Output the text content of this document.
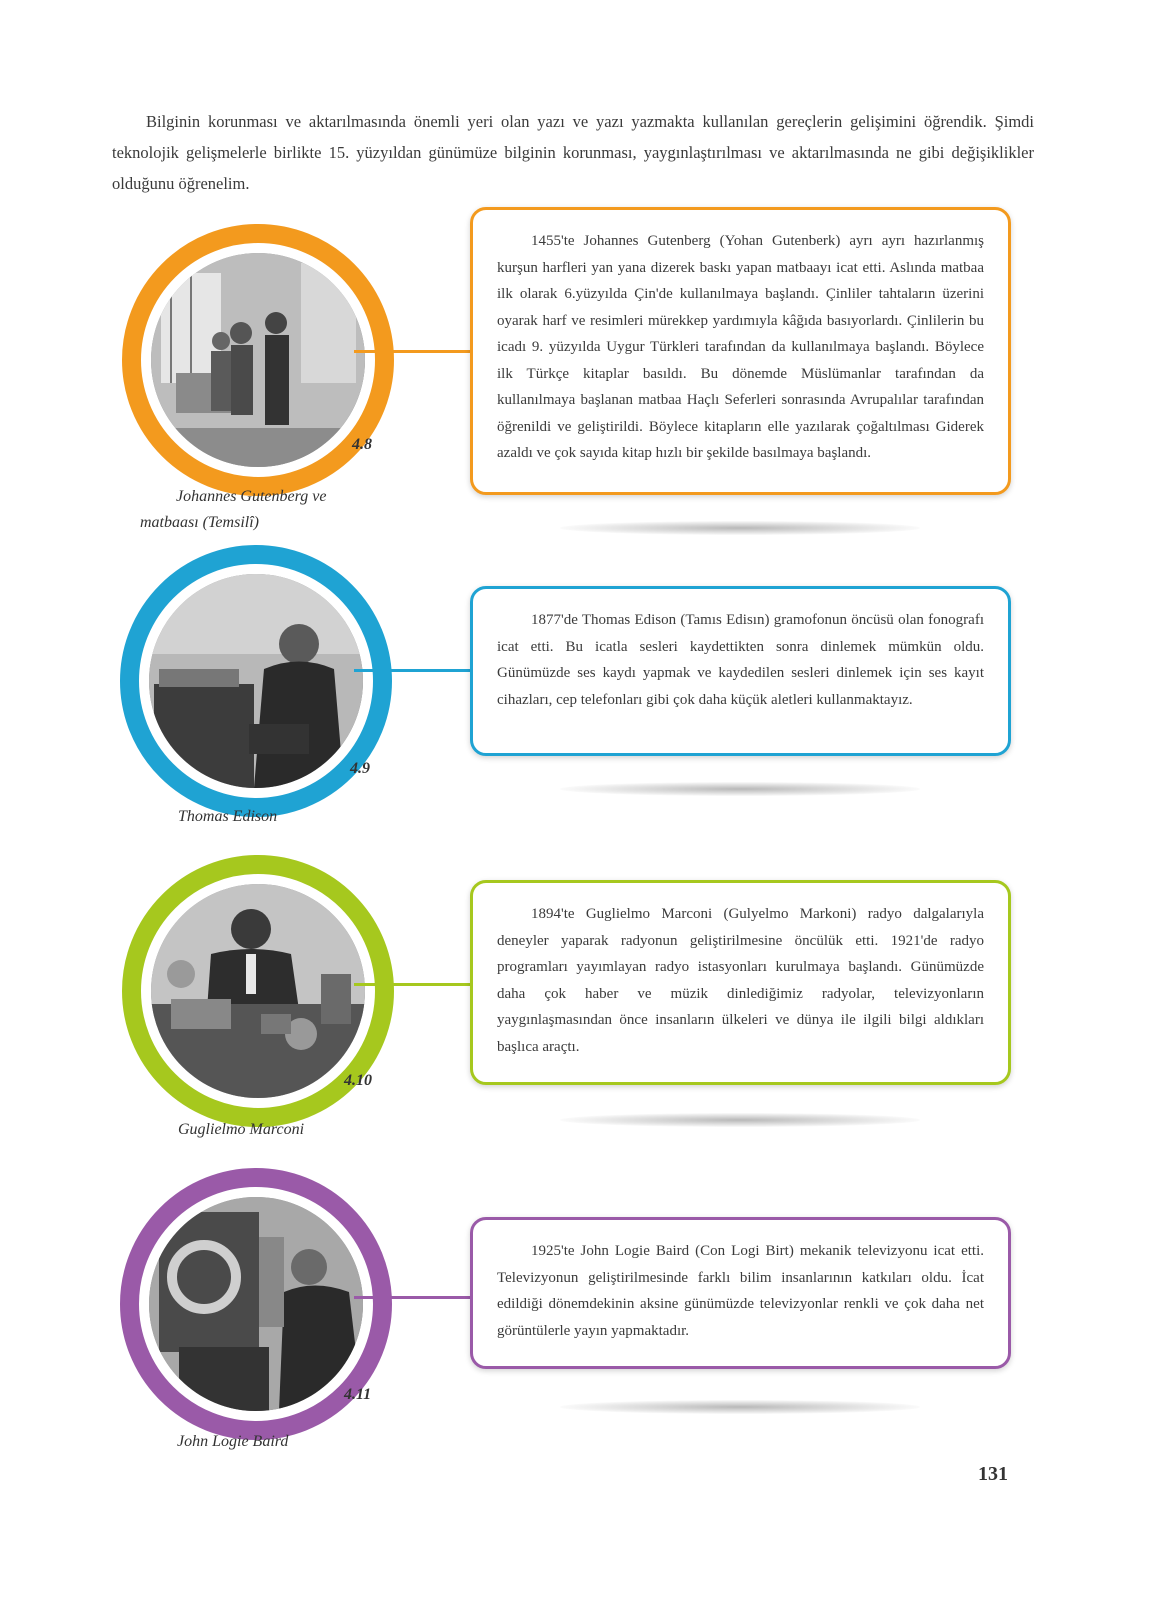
Bilginin korunması ve aktarılmasında önemli yeri olan yazı ve yazı yazmakta kullanılan gereçlerin gelişimini öğrendik. Şimdi teknolojik gelişmelerle birlikte 15. yüzyıldan günümüze bilginin korunması, yaygınlaştırılması ve aktarılmasında ne gibi değişiklikler olduğunu öğrenelim.
4.8
Johannes Gutenberg ve matbaası (Temsilî)
1455'te Johannes Gutenberg (Yohan Gutenberk) ayrı ayrı hazırlanmış kurşun harfleri yan yana dizerek baskı yapan matbaayı icat etti. Aslında matbaa ilk olarak 6.yüzyılda Çin'de kullanılmaya başlandı. Çinliler tahtaların üzerini oyarak harf ve resimleri mürekkep yardımıyla kâğıda basıyorlardı. Çinlilerin bu icadı 9. yüzyılda Uygur Türkleri tarafından da kullanılmaya başlandı. Böylece ilk Türkçe kitaplar basıldı. Bu dönemde Müslümanlar tarafından da kullanılmaya başlanan matbaa Haçlı Seferleri sonrasında Avrupalılar tarafından öğrenildi ve geliştirildi. Böylece kitapların elle yazılarak çoğaltılması Giderek azaldı ve çok sayıda kitap hızlı bir şekilde basılmaya başlandı.
4.9
Thomas Edison
1877'de Thomas Edison (Tamıs Edisın) gramofonun öncüsü olan fonografı icat etti. Bu icatla sesleri kaydettikten sonra dinlemek mümkün oldu. Günümüzde ses kaydı yapmak ve kaydedilen sesleri dinlemek için ses kayıt cihazları, cep telefonları gibi çok daha küçük aletleri kullanmaktayız.
4.10
Guglielmo Marconi
1894'te Guglielmo Marconi (Gulyelmo Markoni) radyo dalgalarıyla deneyler yaparak radyonun geliştirilmesine öncülük etti. 1921'de radyo programları yayımlayan radyo istasyonları kurulmaya başlandı. Günümüzde daha çok haber ve müzik dinlediğimiz radyolar, televizyonların yaygınlaşmasından önce insanların ülkeleri ve dünya ile ilgili bilgi aldıkları başlıca araçtı.
4.11
John Logie Baird
1925'te John Logie Baird (Con Logi Birt) mekanik televizyonu icat etti. Televizyonun geliştirilmesinde farklı bilim insanlarının katkıları oldu. İcat edildiği dönemdekinin aksine günümüzde televizyonlar renkli ve çok daha net görüntülerle yayın yapmaktadır.
131
